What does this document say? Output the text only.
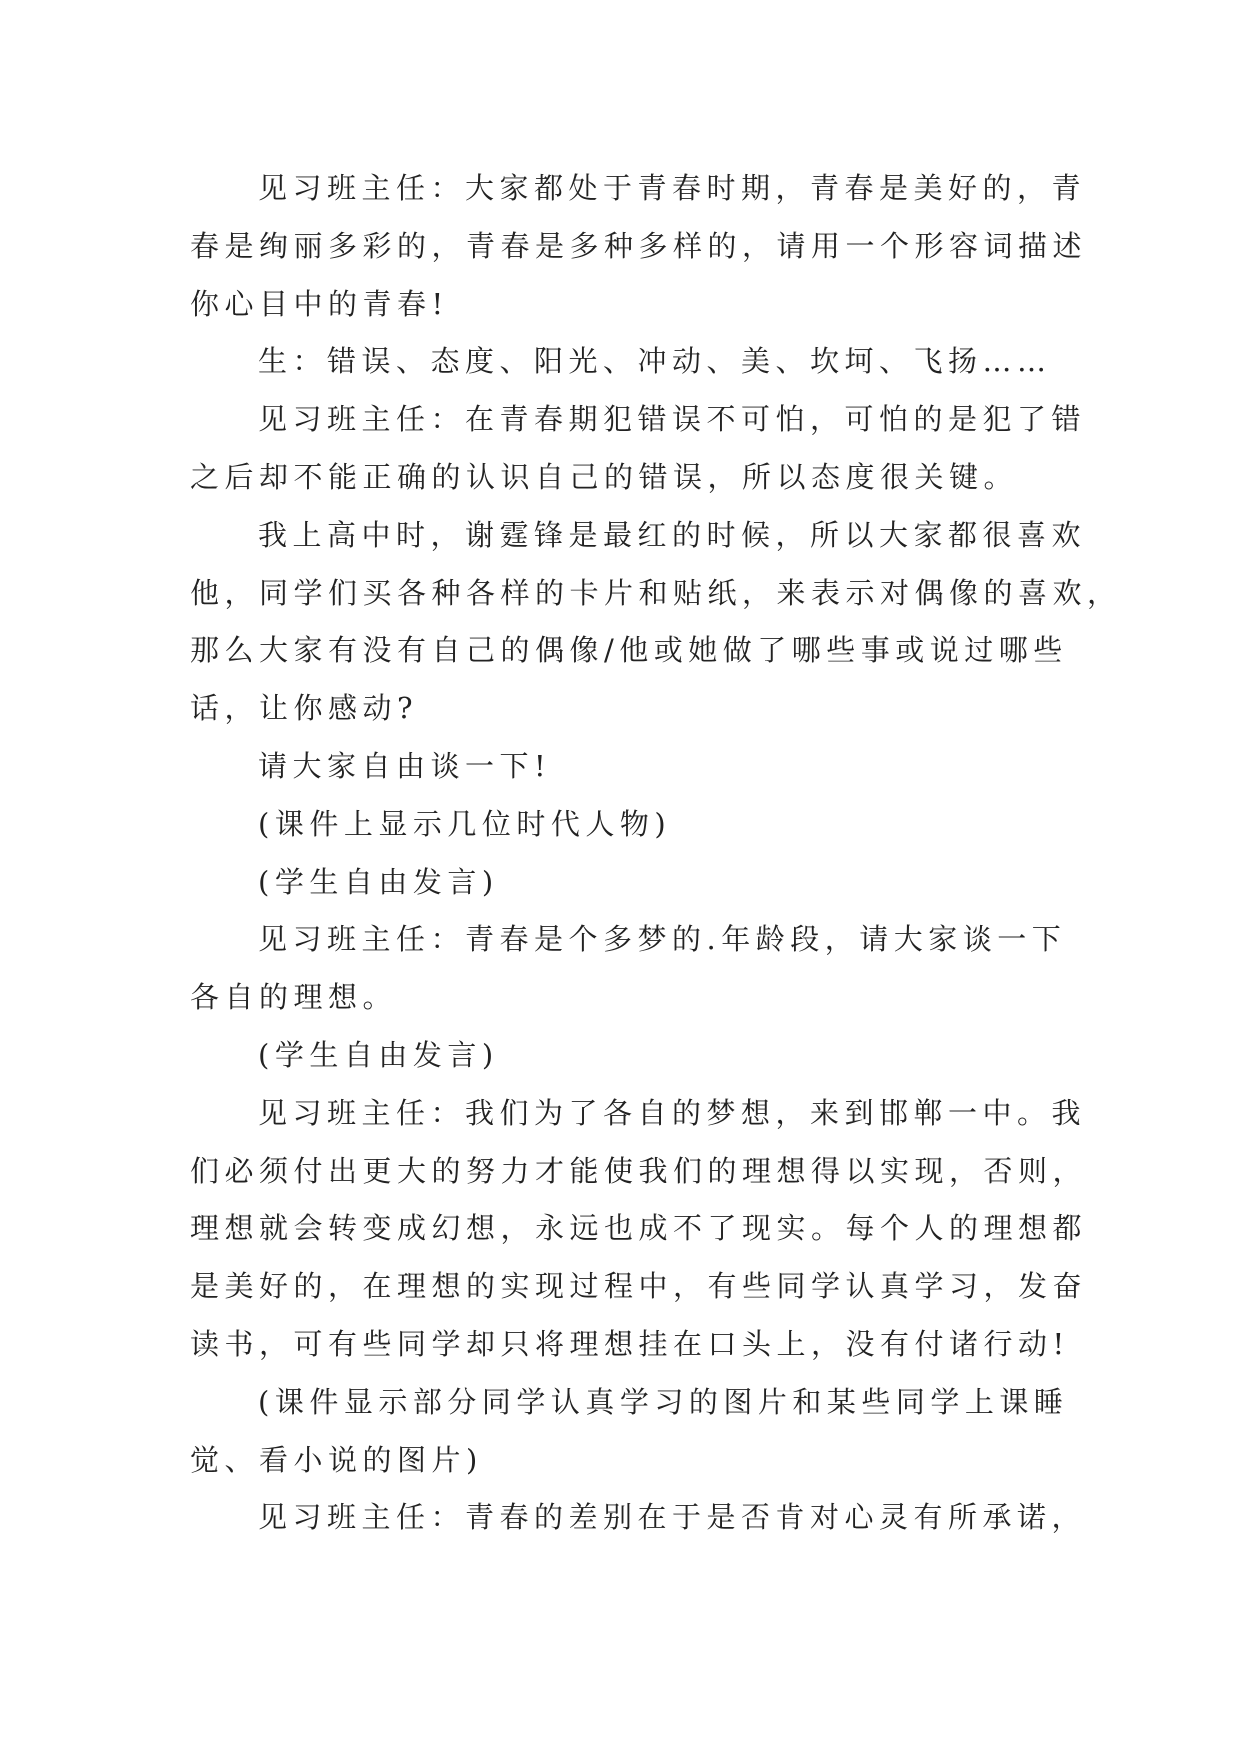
见习班主任：大家都处于青春时期，青春是美好的，青
春是绚丽多彩的，青春是多种多样的，请用一个形容词描述
你心目中的青春!
生：错误、态度、阳光、冲动、美、坎坷、飞扬……
见习班主任：在青春期犯错误不可怕，可怕的是犯了错
之后却不能正确的认识自己的错误，所以态度很关键。
我上高中时，谢霆锋是最红的时候，所以大家都很喜欢
他，同学们买各种各样的卡片和贴纸，来表示对偶像的喜欢，
那么大家有没有自己的偶像/他或她做了哪些事或说过哪些
话，让你感动?
请大家自由谈一下!
(课件上显示几位时代人物)
(学生自由发言)
见习班主任：青春是个多梦的.年龄段，请大家谈一下
各自的理想。
(学生自由发言)
见习班主任：我们为了各自的梦想，来到邯郸一中。我
们必须付出更大的努力才能使我们的理想得以实现，否则，
理想就会转变成幻想，永远也成不了现实。每个人的理想都
是美好的，在理想的实现过程中，有些同学认真学习，发奋
读书，可有些同学却只将理想挂在口头上，没有付诸行动!
(课件显示部分同学认真学习的图片和某些同学上课睡
觉、看小说的图片)
见习班主任：青春的差别在于是否肯对心灵有所承诺，
